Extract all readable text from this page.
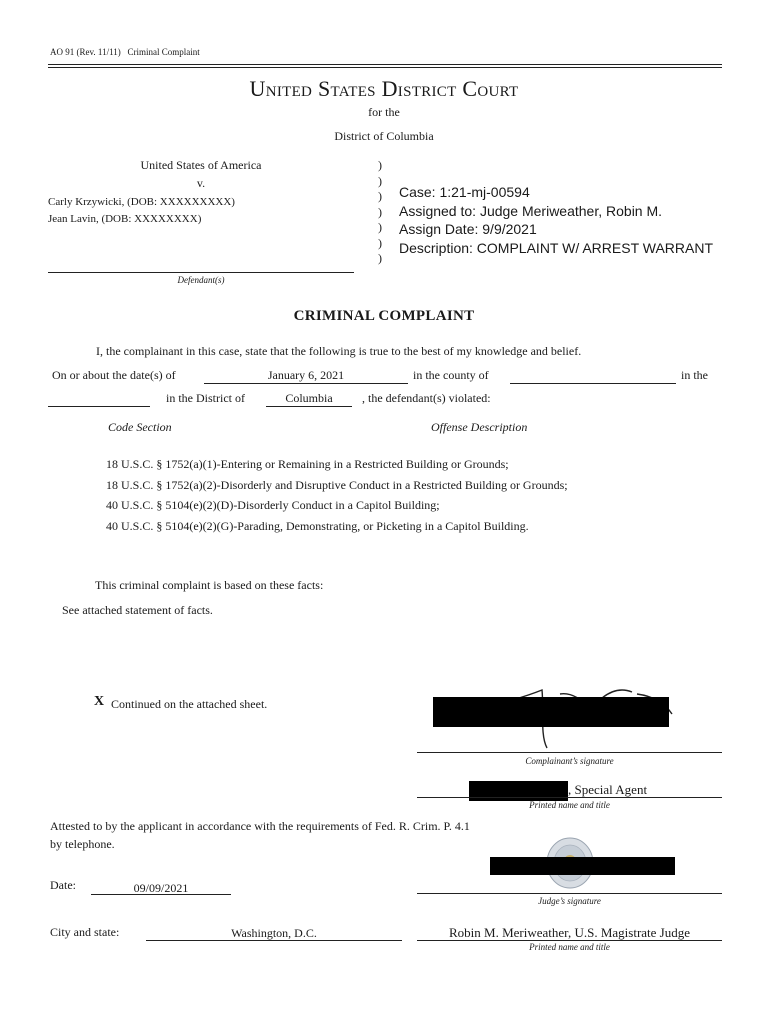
AO 91 (Rev. 11/11) Criminal Complaint
United States District Court
for the
District of Columbia
United States of America
v.
Carly Krzywicki, (DOB: XXXXXXXXX)
Jean Lavin, (DOB: XXXXXXXX)
Defendant(s)
)
)
)
)
)
)
)
Case: 1:21-mj-00594
Assigned to: Judge Meriweather, Robin M.
Assign Date: 9/9/2021
Description: COMPLAINT W/ ARREST WARRANT
CRIMINAL COMPLAINT
I, the complainant in this case, state that the following is true to the best of my knowledge and belief.
On or about the date(s) of	January 6, 2021	in the county of	in the
in the District of	Columbia	, the defendant(s) violated:
Code Section	Offense Description
18 U.S.C. § 1752(a)(1)-Entering or Remaining in a Restricted Building or Grounds;
18 U.S.C. § 1752(a)(2)-Disorderly and Disruptive Conduct in a Restricted Building or Grounds;
40 U.S.C. § 5104(e)(2)(D)-Disorderly Conduct in a Capitol Building;
40 U.S.C. § 5104(e)(2)(G)-Parading, Demonstrating, or Picketing in a Capitol Building.
This criminal complaint is based on these facts:
See attached statement of facts.
X Continued on the attached sheet.
Complainant’s signature
, Special Agent
Printed name and title
Attested to by the applicant in accordance with the requirements of Fed. R. Crim. P. 4.1
by telephone.
Judge’s signature
Date:	09/09/2021
City and state:	Washington, D.C.	Robin M. Meriweather, U.S. Magistrate Judge
Printed name and title
